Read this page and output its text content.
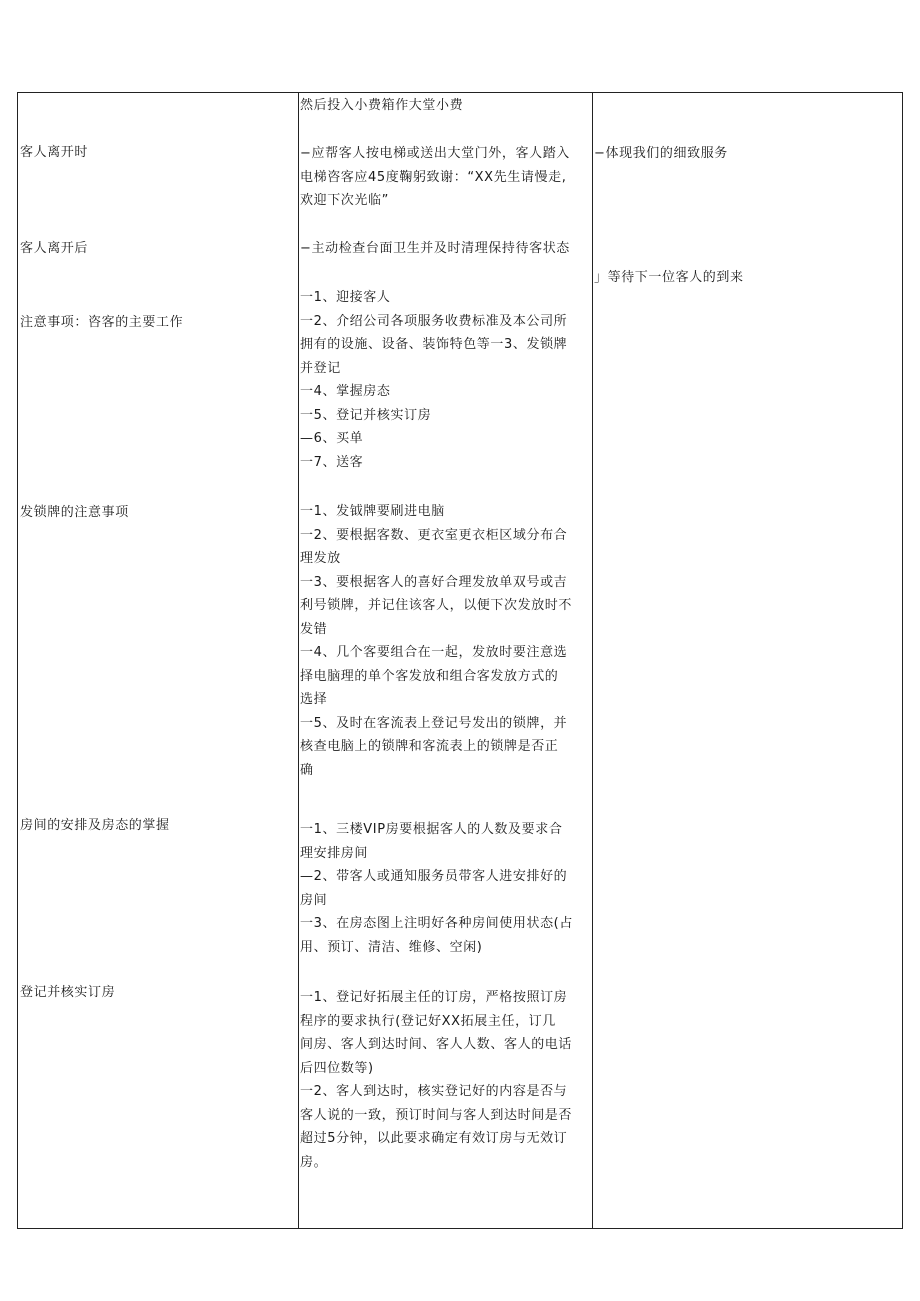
客人离开时
客人离开后
注意事项：咨客的主要工作
发锁牌的注意事项
房间的安排及房态的掌握
登记并核实订房
然后投入小费箱作大堂小费
−应帮客人按电梯或送出大堂门外，客人踏入
电梯咨客应45度鞠躬致谢：“XX先生请慢走,
欢迎下次光临”
−主动检查台面卫生并及时清理保持待客状态
一1、迎接客人
一2、介绍公司各项服务收费标准及本公司所
拥有的设施、设备、装饰特色等一3、发锁牌
并登记
一4、掌握房态
一5、登记并核实订房
—6、买单
一7、送客
一1、发钺牌要刷进电脑
一2、要根据客数、更衣室更衣柜区域分布合
理发放
一3、要根据客人的喜好合理发放单双号或吉
利号锁牌，并记住该客人，以便下次发放时不
发错
一4、几个客要组合在一起，发放时要注意选
择电脑理的单个客发放和组合客发放方式的
选择
一5、及时在客流表上登记号发出的锁牌，并
核查电脑上的锁牌和客流表上的锁牌是否正
确
一1、三楼VIP房要根据客人的人数及要求合
理安排房间
—2、带客人或通知服务员带客人进安排好的
房间
一3、在房态图上注明好各种房间使用状态(占
用、预订、清洁、维修、空闲)
一1、登记好拓展主任的订房，严格按照订房
程序的要求执行(登记好XX拓展主任，订几
间房、客人到达时间、客人人数、客人的电话
后四位数等)
一2、客人到达时，核实登记好的内容是否与
客人说的一致，预订时间与客人到达时间是否
超过5分钟，以此要求确定有效订房与无效订
房。
−体现我们的细致服务
」等待下一位客人的到来
